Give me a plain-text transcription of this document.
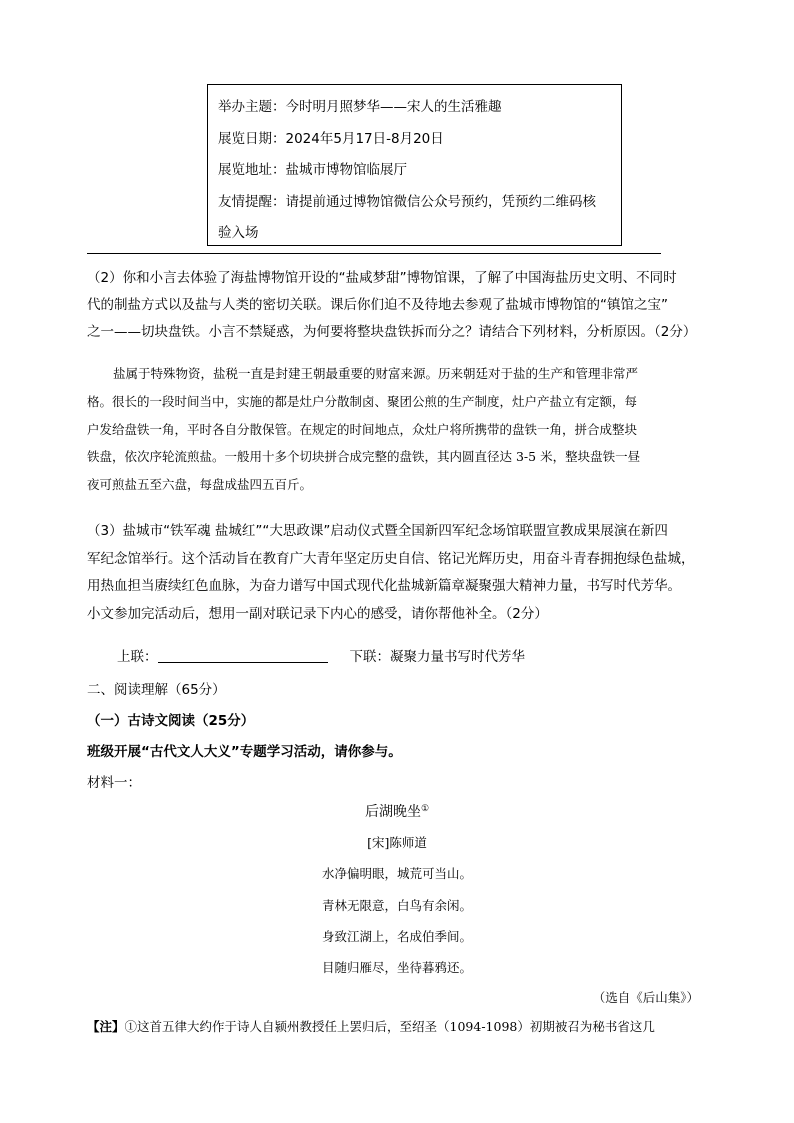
举办主题：今时明月照梦华——宋人的生活雅趣
展览日期：2024年5月17日-8月20日
展览地址：盐城市博物馆临展厅
友情提醒：请提前通过博物馆微信公众号预约，凭预约二维码核
验入场
（2）你和小言去体验了海盐博物馆开设的“盐咸梦甜”博物馆课，了解了中国海盐历史文明、不同时
代的制盐方式以及盐与人类的密切关联。课后你们迫不及待地去参观了盐城市博物馆的“镇馆之宝”
之一——切块盘铁。小言不禁疑惑，为何要将整块盘铁拆而分之？请结合下列材料，分析原因。（2分）
盐属于特殊物资，盐税一直是封建王朝最重要的财富来源。历来朝廷对于盐的生产和管理非常严
格。很长的一段时间当中，实施的都是灶户分散制卤、聚团公煎的生产制度，灶户产盐立有定额，每
户发给盘铁一角，平时各自分散保管。在规定的时间地点，众灶户将所携带的盘铁一角，拼合成整块
铁盘，依次序轮流煎盐。一般用十多个切块拼合成完整的盘铁，其内圆直径达 3-5 米，整块盘铁一昼
夜可煎盐五至六盘，每盘成盐四五百斤。
（3）盐城市“铁军魂 盐城红”“大思政课”启动仪式暨全国新四军纪念场馆联盟宣教成果展演在新四
军纪念馆举行。这个活动旨在教育广大青年坚定历史自信、铭记光辉历史，用奋斗青春拥抱绿色盐城，
用热血担当赓续红色血脉，为奋力谱写中国式现代化盐城新篇章凝聚强大精神力量，书写时代芳华。
小文参加完活动后，想用一副对联记录下内心的感受，请你帮他补全。（2分）
上联：	下联：凝聚力量书写时代芳华
二、阅读理解（65分）
（一）古诗文阅读（25分）
班级开展“古代文人大义”专题学习活动，请你参与。
材料一：
后湖晚坐①
[宋]陈师道
水净偏明眼，城荒可当山。
青林无限意，白鸟有余闲。
身致江湖上，名成伯季间。
目随归雁尽，坐待暮鸦还。
（选自《后山集》）
【注】①这首五律大约作于诗人自颍州教授任上罢归后，至绍圣（1094-1098）初期被召为秘书省这几
